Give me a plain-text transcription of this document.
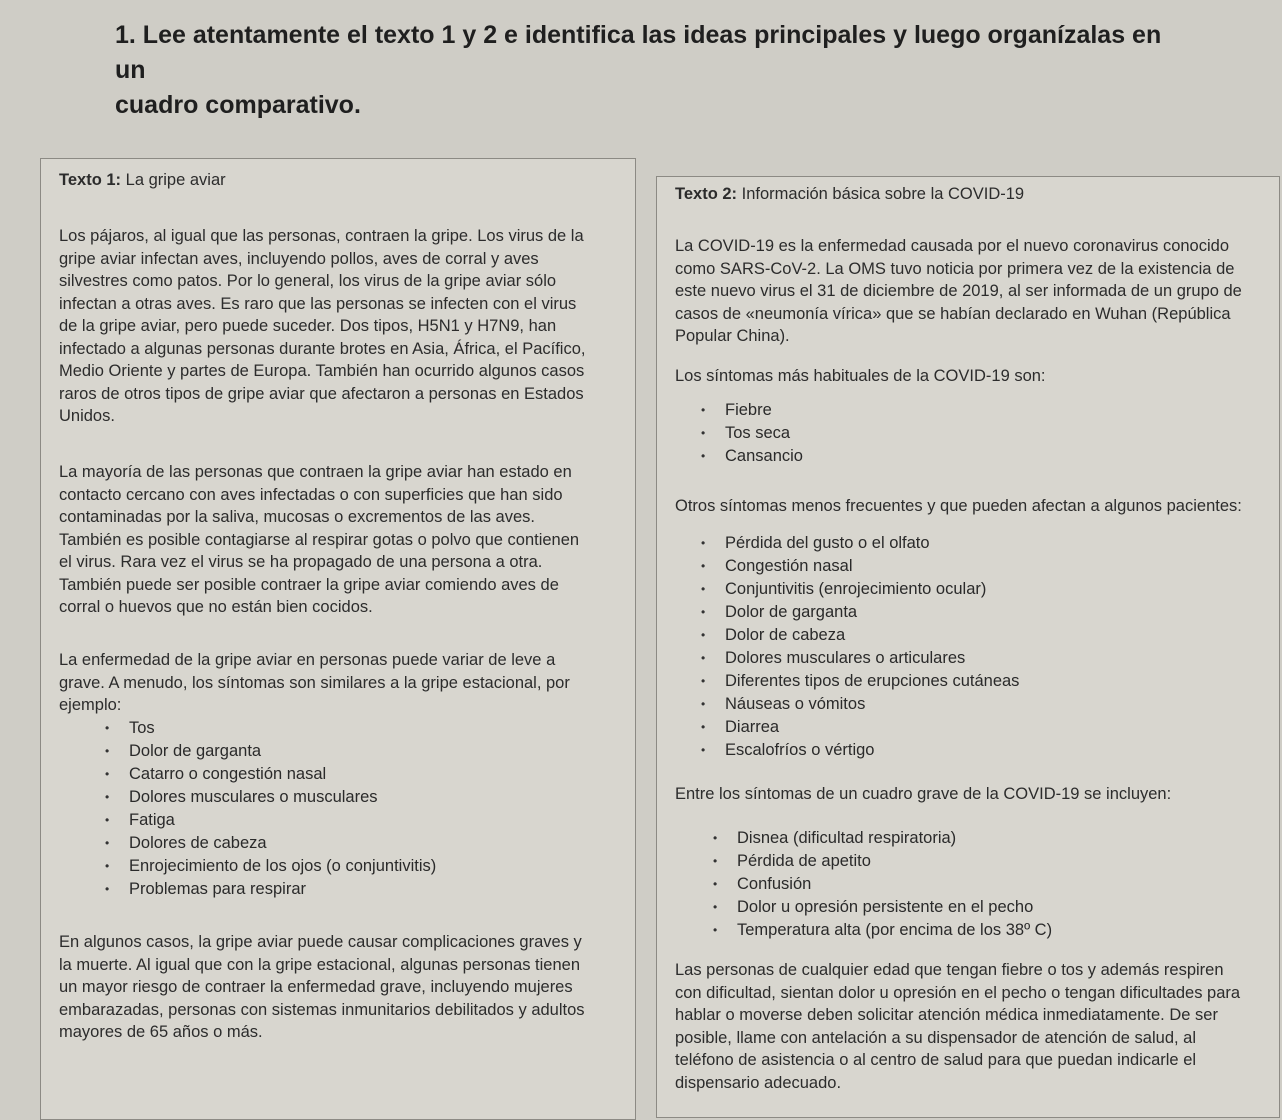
1. Lee atentamente el texto 1 y 2 e identifica las ideas principales y luego organízalas en un
cuadro comparativo.
Texto 1: La gripe aviar
Los pájaros, al igual que las personas, contraen la gripe. Los virus de la
gripe aviar infectan aves, incluyendo pollos, aves de corral y aves
silvestres como patos. Por lo general, los virus de la gripe aviar sólo
infectan a otras aves. Es raro que las personas se infecten con el virus
de la gripe aviar, pero puede suceder. Dos tipos, H5N1 y H7N9, han
infectado a algunas personas durante brotes en Asia, África, el Pacífico,
Medio Oriente y partes de Europa. También han ocurrido algunos casos
raros de otros tipos de gripe aviar que afectaron a personas en Estados
Unidos.
La mayoría de las personas que contraen la gripe aviar han estado en
contacto cercano con aves infectadas o con superficies que han sido
contaminadas por la saliva, mucosas o excrementos de las aves.
También es posible contagiarse al respirar gotas o polvo que contienen
el virus. Rara vez el virus se ha propagado de una persona a otra.
También puede ser posible contraer la gripe aviar comiendo aves de
corral o huevos que no están bien cocidos.
La enfermedad de la gripe aviar en personas puede variar de leve a
grave. A menudo, los síntomas son similares a la gripe estacional, por
ejemplo:
• Tos
• Dolor de garganta
• Catarro o congestión nasal
• Dolores musculares o musculares
• Fatiga
• Dolores de cabeza
• Enrojecimiento de los ojos (o conjuntivitis)
• Problemas para respirar
En algunos casos, la gripe aviar puede causar complicaciones graves y
la muerte. Al igual que con la gripe estacional, algunas personas tienen
un mayor riesgo de contraer la enfermedad grave, incluyendo mujeres
embarazadas, personas con sistemas inmunitarios debilitados y adultos
mayores de 65 años o más.
Texto 2: Información básica sobre la COVID-19
La COVID-19 es la enfermedad causada por el nuevo coronavirus conocido
como SARS-CoV-2. La OMS tuvo noticia por primera vez de la existencia de
este nuevo virus el 31 de diciembre de 2019, al ser informada de un grupo de
casos de «neumonía vírica» que se habían declarado en Wuhan (República
Popular China).
Los síntomas más habituales de la COVID-19 son:
• Fiebre
• Tos seca
• Cansancio
Otros síntomas menos frecuentes y que pueden afectan a algunos pacientes:
• Pérdida del gusto o el olfato
• Congestión nasal
• Conjuntivitis (enrojecimiento ocular)
• Dolor de garganta
• Dolor de cabeza
• Dolores musculares o articulares
• Diferentes tipos de erupciones cutáneas
• Náuseas o vómitos
• Diarrea
• Escalofríos o vértigo
Entre los síntomas de un cuadro grave de la COVID-19 se incluyen:
• Disnea (dificultad respiratoria)
• Pérdida de apetito
• Confusión
• Dolor u opresión persistente en el pecho
• Temperatura alta (por encima de los 38º C)
Las personas de cualquier edad que tengan fiebre o tos y además respiren
con dificultad, sientan dolor u opresión en el pecho o tengan dificultades para
hablar o moverse deben solicitar atención médica inmediatamente. De ser
posible, llame con antelación a su dispensador de atención de salud, al
teléfono de asistencia o al centro de salud para que puedan indicarle el
dispensario adecuado.
